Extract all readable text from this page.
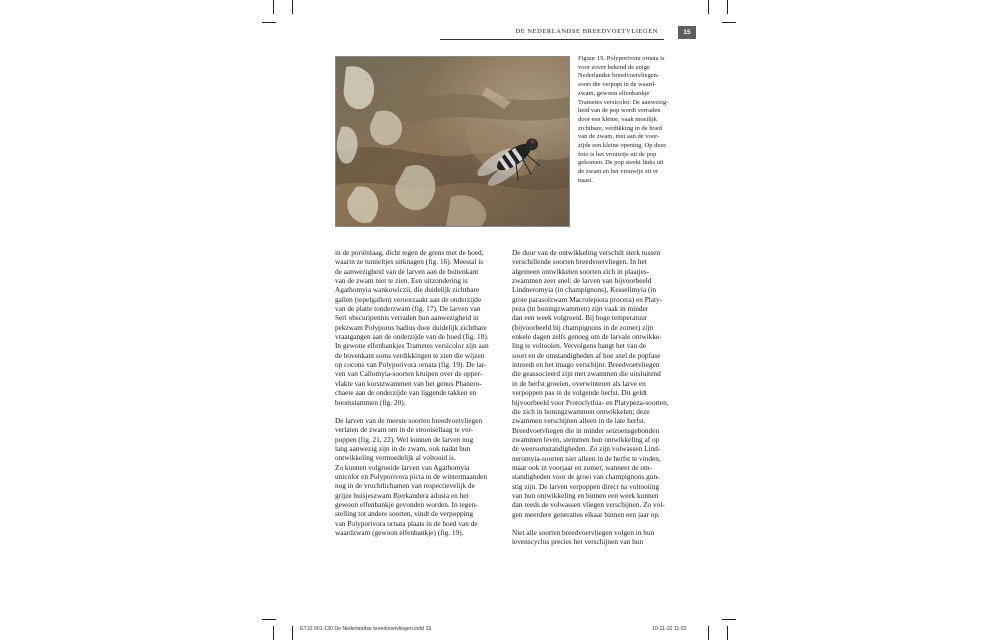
DE NEDERLANDSE BREEDVOETVLIEGEN	15

Figuur 19. Polyporivora ornata is
voor zover bekend de enige
Nederlandse breedvoetvliegen-
soort die verpopt in de waard-
zwam, gewoon elfenbankje
Trametes versicolor. De aanwezig-
heid van de pop wordt verraden
door een kleine, vaak moeilijk
zichtbare, verdikking in de hoed
van de zwam, met aan de voor-
zijde een kleine opening. Op deze
foto is het vrouwtje uit de pop
gekomen. De pop steekt links uit
de zwam en het vrouwtje zit er
naast.

in de poriënlaag, dicht tegen de grens met de hoed,
waarin ze tunneltjes uitknagen (fig. 16). Meestal is
de aanwezigheid van de larven aan de buitenkant
van de zwam niet te zien. Een uitzondering is
Agathomyia wankowiczii, die duidelijk zichtbare
gallen (tepelgallen) veroorzaakt aan de onderzijde
van de platte tonderzwam (fig. 17). De larven van
Seri obscuripennis verraden hun aanwezigheid in
pekzwam Polyporus badius door duidelijk zichtbare
vraatgangen aan de onderzijde van de hoed (fig. 18).
In gewone elfenbankjes Trametes versicolor zijn aan
de bovenkant soms verdikkingen te zien die wijzen
op cocons van Polyporivora ornata (fig. 19). De lar-
ven van Callomyia-soorten kruipen over de opper-
vlakte van korstzwammen van het genus Phanero-
chaete aan de onderzijde van liggende takken en
boomstammen (fig. 20).

De larven van de meeste soorten breedvoetvliegen
verlaten de zwam om in de strooisellaag te ver-
poppen (fig. 21, 22). Wel kunnen de larven nog
lang aanwezig zijn in de zwam, ook nadat hun
ontwikkeling vermoedelijk al voltooid is.
Zo kunnen volgroeide larven van Agathomyia
unicolor en Polyporivora picta in de wintermaanden
nog in de vruchtlichamen van respectievelijk de
grijze buisjeszwam Bjerkandera adusta en het
gewoon elfenbankje gevonden worden. In tegen-
stelling tot andere soorten, vindt de verpopping
van Polyporivora ornata plaats in de hoed van de
waardzwam (gewoon elfenbankje) (fig. 19).

De duur van de ontwikkeling verschilt sterk tussen
verschillende soorten breedvoetvliegen. In het
algemeen ontwikkelen soorten zich in plaatjes-
zwammen zeer snel: de larven van bijvoorbeeld
Lindneromyia (in champignons), Kesselimyia (in
grote parasolzwam Macrolepiota procera) en Platy-
peza (in honingzwammen) zijn vaak in minder
dan een week volgroeid. Bij hoge temperatuur
(bijvoorbeeld bij champignons in de zomer) zijn
enkele dagen zelfs genoeg om de larvale ontwikke-
ling te voltooien. Vervolgens hangt het van de
soort en de omstandigheden af hoe snel de popfase
intreedt en het imago verschijnt. Breedvoetvliegen
die geassocieerd zijn met zwammen die uitsluitend
in de herfst groeien, overwinteren als larve en
verpoppen pas in de volgende herfst. Dit geldt
bijvoorbeeld voor Protoclythia- en Platypeza-soorten,
die zich in honingzwammen ontwikkelen; deze
zwammen verschijnen alleen in de late herfst.
Breedvoetvliegen die in minder seizoensgebonden
zwammen leven, stemmen hun ontwikkeling af op
de weersomstandigheden. Zo zijn volwassen Lind-
neromyia-soorten niet alleen in de herfst te vinden,
maar ook in voorjaar en zomer, wanneer de om-
standigheden voor de groei van champignons gun-
stig zijn. De larven verpoppen direct na voltooiing
van hun ontwikkeling en binnen een week kunnen
dan reeds de volwassen vliegen verschijnen. Zo vol-
gen meerdere generaties elkaar binnen een jaar op.

Niet alle soorten breedvoetvliegen volgen in hun
levenscyclus precies het verschijnen van hun

ET10 001-130 De Nederlandse breedvoetvliegen.indd 15	10-11-10 11:03
